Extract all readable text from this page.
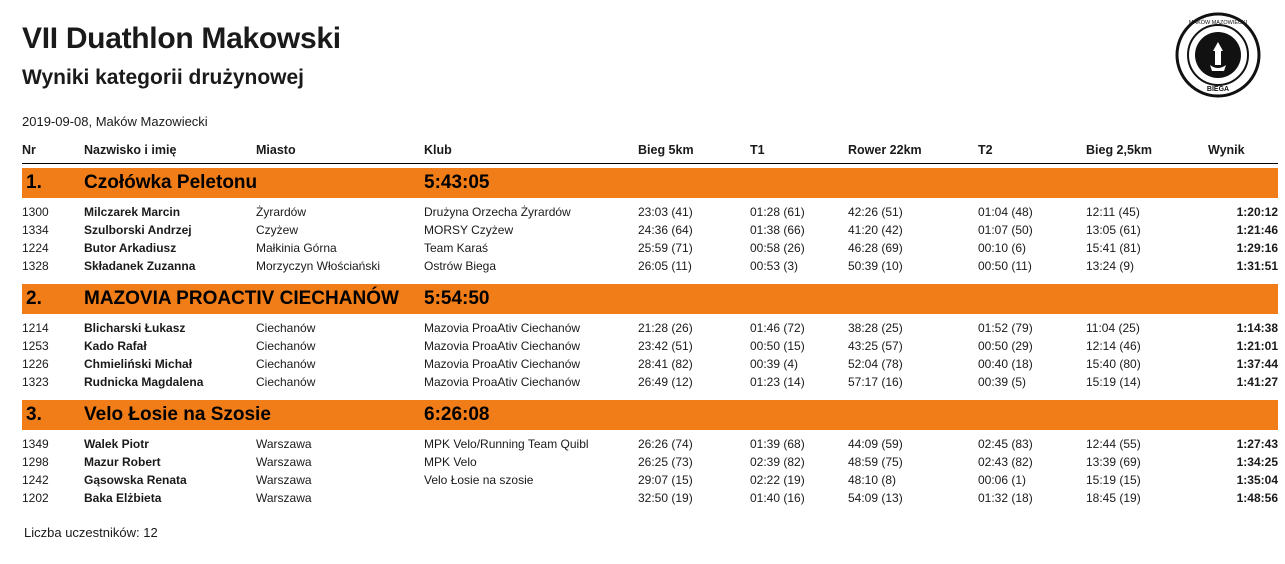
MAKÓW MAZOWIECKI
BIEGA
VII Duathlon Makowski
Wyniki kategorii drużynowej
2019-09-08, Maków Mazowiecki
Nr	Nazwisko i imię	Miasto	Klub	Bieg 5km	T1	Rower 22km	T2	Bieg 2,5km	Wynik

1.	Czołówka Peletonu		5:43:05						

1300	Milczarek Marcin	Żyrardów	Drużyna Orzecha Żyrardów	23:03 (41)	01:28 (61)	42:26 (51)	01:04 (48)	12:11 (45)	1:20:12
1334	Szulborski Andrzej	Czyżew	MORSY Czyżew	24:36 (64)	01:38 (66)	41:20 (42)	01:07 (50)	13:05 (61)	1:21:46
1224	Butor Arkadiusz	Małkinia Górna	Team Karaś	25:59 (71)	00:58 (26)	46:28 (69)	00:10 (6)	15:41 (81)	1:29:16
1328	Składanek Zuzanna	Morzyczyn Włościański	Ostrów Biega	26:05 (11)	00:53 (3)	50:39 (10)	00:50 (11)	13:24 (9)	1:31:51

2.	MAZOVIA PROACTIV CIECHANÓW		5:54:50						

1214	Blicharski Łukasz	Ciechanów	Mazovia ProaAtiv Ciechanów	21:28 (26)	01:46 (72)	38:28 (25)	01:52 (79)	11:04 (25)	1:14:38
1253	Kado Rafał	Ciechanów	Mazovia ProaAtiv Ciechanów	23:42 (51)	00:50 (15)	43:25 (57)	00:50 (29)	12:14 (46)	1:21:01
1226	Chmieliński Michał	Ciechanów	Mazovia ProaAtiv Ciechanów	28:41 (82)	00:39 (4)	52:04 (78)	00:40 (18)	15:40 (80)	1:37:44
1323	Rudnicka Magdalena	Ciechanów	Mazovia ProaAtiv Ciechanów	26:49 (12)	01:23 (14)	57:17 (16)	00:39 (5)	15:19 (14)	1:41:27

3.	Velo Łosie na Szosie		6:26:08						

1349	Walek Piotr	Warszawa	MPK Velo/Running Team Quibl	26:26 (74)	01:39 (68)	44:09 (59)	02:45 (83)	12:44 (55)	1:27:43
1298	Mazur Robert	Warszawa	MPK Velo	26:25 (73)	02:39 (82)	48:59 (75)	02:43 (82)	13:39 (69)	1:34:25
1242	Gąsowska Renata	Warszawa	Velo Łosie na szosie	29:07 (15)	02:22 (19)	48:10 (8)	00:06 (1)	15:19 (15)	1:35:04
1202	Baka Elżbieta	Warszawa		32:50 (19)	01:40 (16)	54:09 (13)	01:32 (18)	18:45 (19)	1:48:56
Liczba uczestników: 12
